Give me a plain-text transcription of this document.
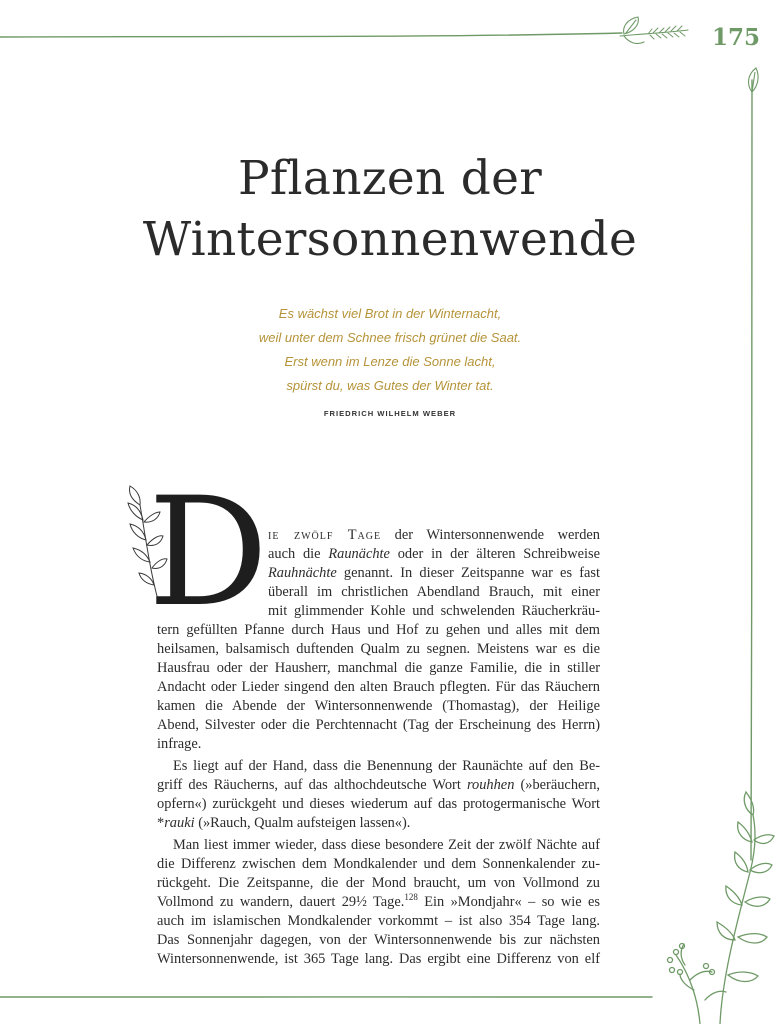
175
Pflanzen der
Wintersonnenwende
Es wächst viel Brot in der Winternacht,
weil unter dem Schnee frisch grünet die Saat.
Erst wenn im Lenze die Sonne lacht,
spürst du, was Gutes der Winter tat.
FRIEDRICH WILHELM WEBER
D ie zwölf Tage der Wintersonnenwende werden
auch die Raunächte oder in der älteren Schreibweise
Rauhnächte genannt. In dieser Zeitspanne war es fast
überall im christlichen Abendland Brauch, mit einer
mit glimmender Kohle und schwelenden Räucherkräu-
tern gefüllten Pfanne durch Haus und Hof zu gehen und alles mit dem
heilsamen, balsamisch duftenden Qualm zu segnen. Meistens war es die
Hausfrau oder der Hausherr, manchmal die ganze Familie, die in stiller
Andacht oder Lieder singend den alten Brauch pflegten. Für das Räuchern
kamen die Abende der Wintersonnenwende (Thomastag), der Heilige
Abend, Silvester oder die Perchtennacht (Tag der Erscheinung des Herrn)
infrage.
Es liegt auf der Hand, dass die Benennung der Raunächte auf den Be-
griff des Räucherns, auf das althochdeutsche Wort rouhhen (»beräuchern,
opfern«) zurückgeht und dieses wiederum auf das protogermanische Wort
*rauki (»Rauch, Qualm aufsteigen lassen«).
Man liest immer wieder, dass diese besondere Zeit der zwölf Nächte auf
die Differenz zwischen dem Mondkalender und dem Sonnenkalender zu-
rückgeht. Die Zeitspanne, die der Mond braucht, um von Vollmond zu
Vollmond zu wandern, dauert 29½ Tage.$^{128}$ Ein »Mondjahr« – so wie es
auch im islamischen Mondkalender vorkommt – ist also 354 Tage lang.
Das Sonnenjahr dagegen, von der Wintersonnenwende bis zur nächsten
Wintersonnenwende, ist 365 Tage lang. Das ergibt eine Differenz von elf
